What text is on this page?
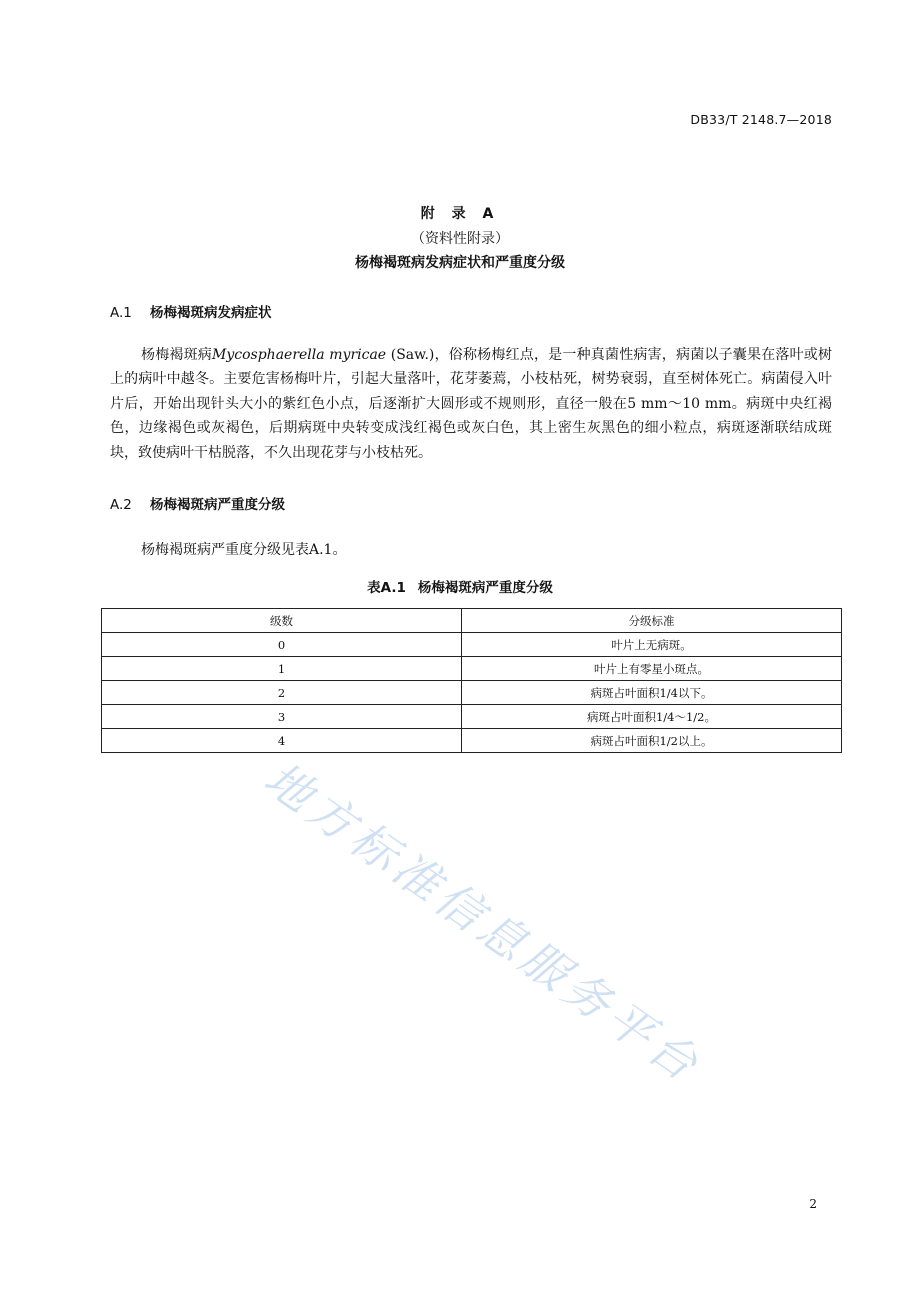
DB33/T 2148.7—2018
附 录 A
（资料性附录）
杨梅褐斑病发病症状和严重度分级
A.1 杨梅褐斑病发病症状
杨梅褐斑病Mycosphaerella myricae (Saw.)，俗称杨梅红点，是一种真菌性病害，病菌以子囊果在落叶或树上的病叶中越冬。主要危害杨梅叶片，引起大量落叶，花芽萎蔫，小枝枯死，树势衰弱，直至树体死亡。病菌侵入叶片后，开始出现针头大小的紫红色小点，后逐渐扩大圆形或不规则形，直径一般在5 mm～10 mm。病斑中央红褐色，边缘褐色或灰褐色，后期病斑中央转变成浅红褐色或灰白色，其上密生灰黑色的细小粒点，病斑逐渐联结成斑块，致使病叶干枯脱落，不久出现花芽与小枝枯死。
A.2 杨梅褐斑病严重度分级
杨梅褐斑病严重度分级见表A.1。
表A.1 杨梅褐斑病严重度分级
级数	分级标准
0	叶片上无病斑。
1	叶片上有零星小斑点。
2	病斑占叶面积1/4以下。
3	病斑占叶面积1/4～1/2。
4	病斑占叶面积1/2以上。
地方标准信息服务平台
2
